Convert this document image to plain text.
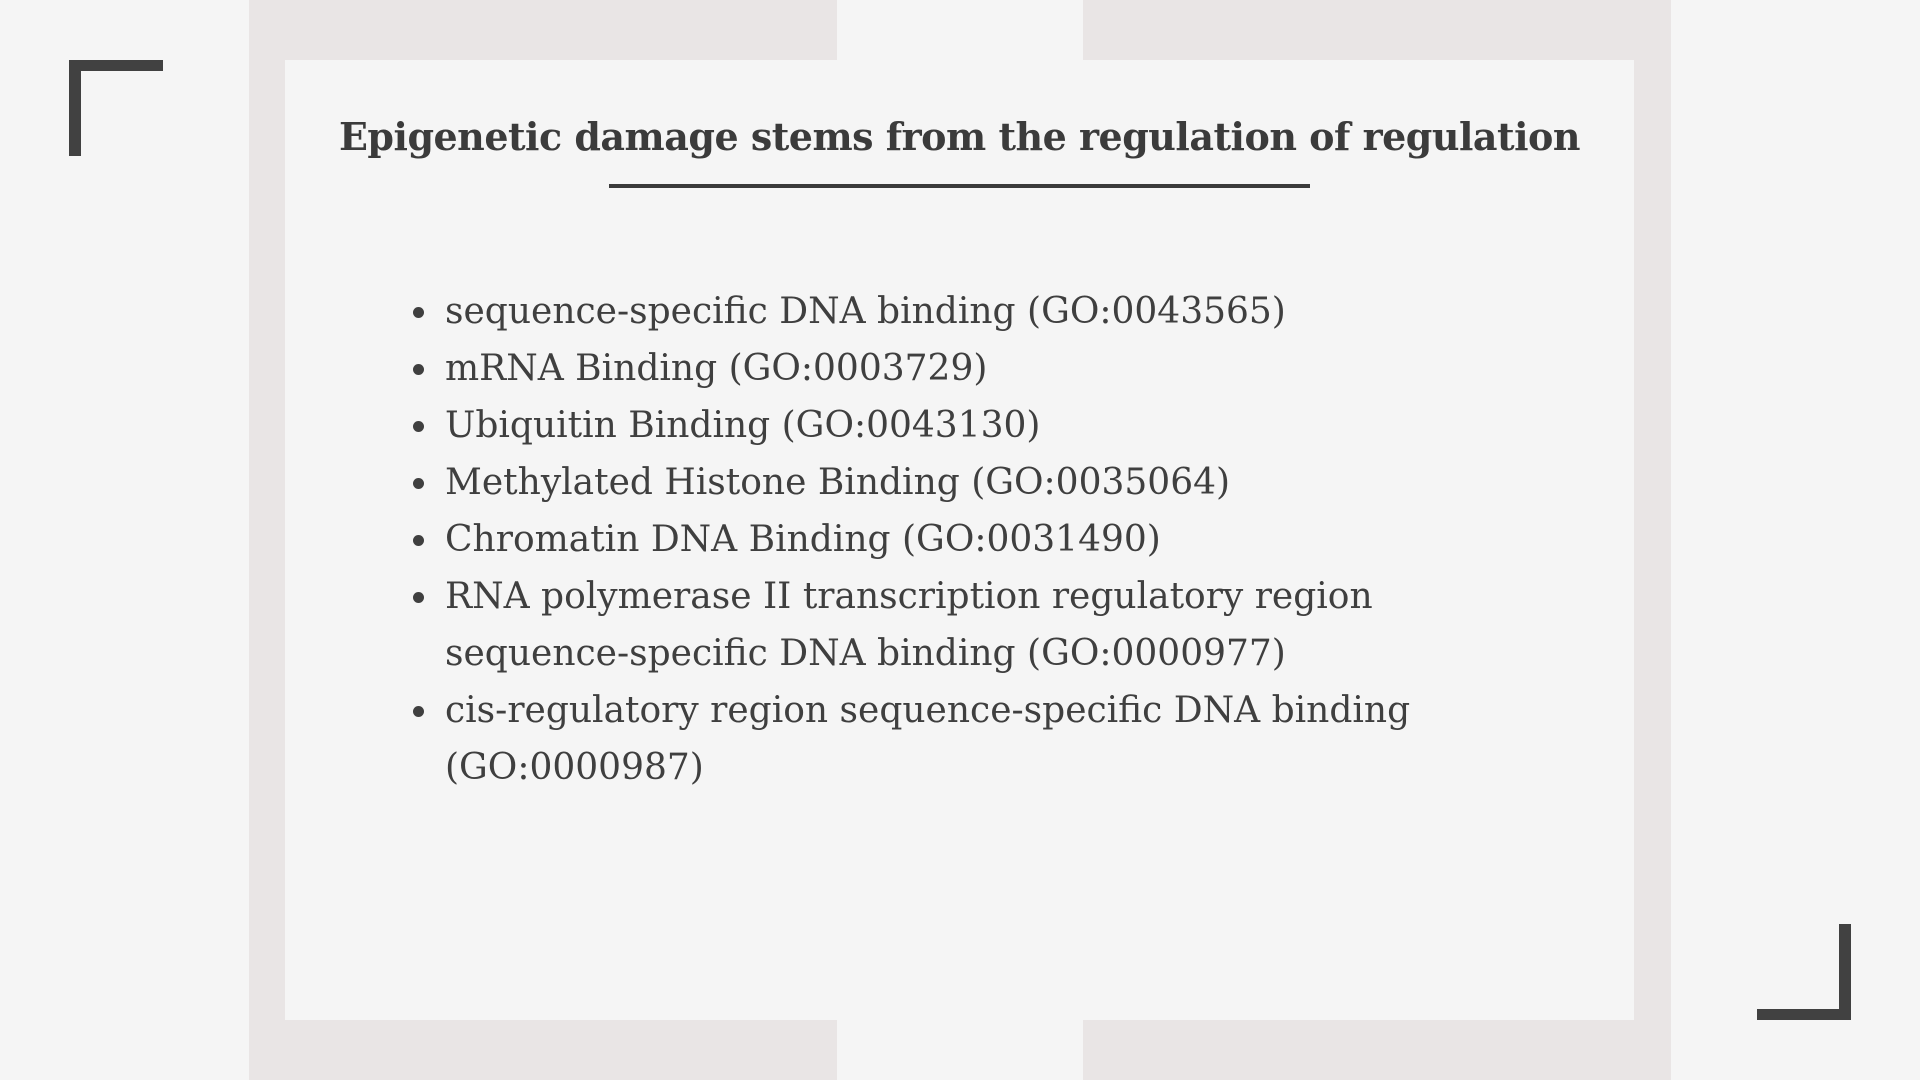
Epigenetic damage stems from the regulation of regulation
sequence-specific DNA binding (GO:0043565)
mRNA Binding (GO:0003729)
Ubiquitin Binding (GO:0043130)
Methylated Histone Binding (GO:0035064)
Chromatin DNA Binding (GO:0031490)
RNA polymerase II transcription regulatory region sequence-specific DNA binding (GO:0000977)
cis-regulatory region sequence-specific DNA binding (GO:0000987)
